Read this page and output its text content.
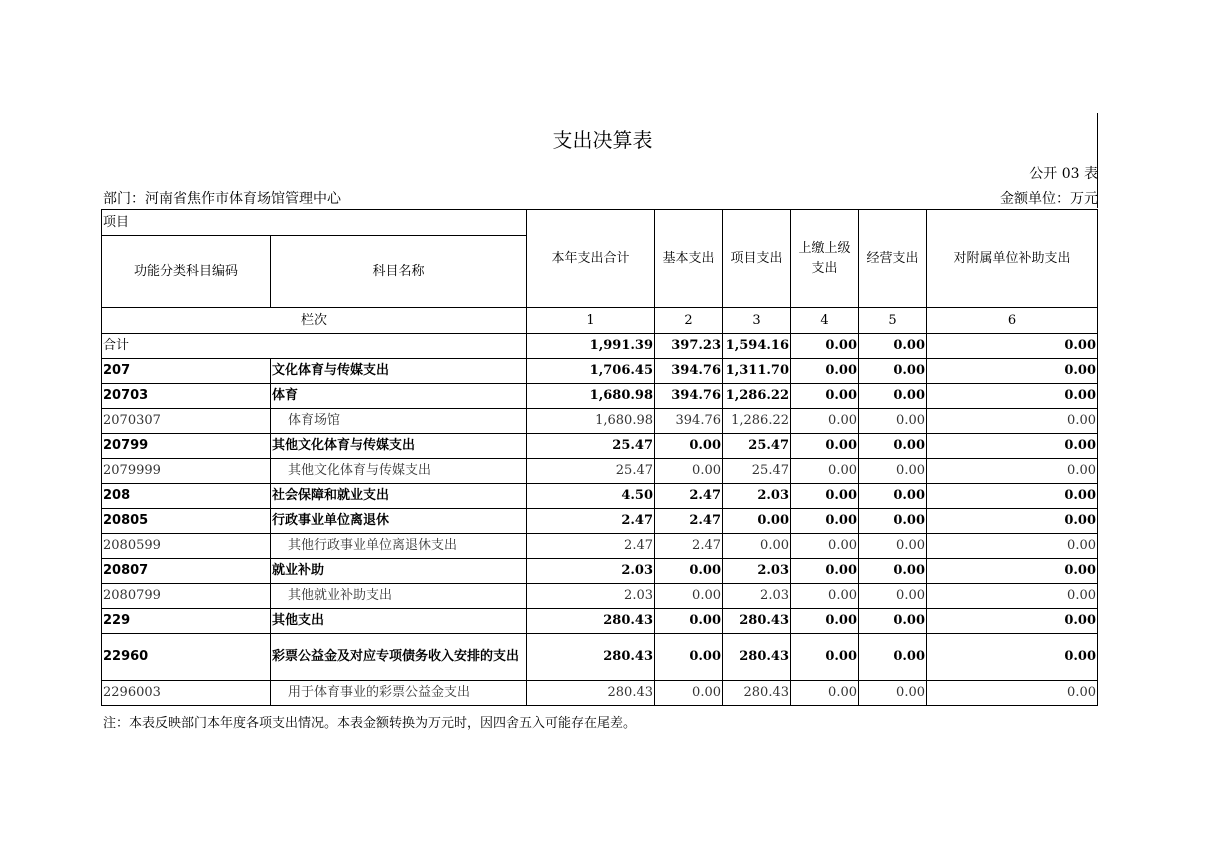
支出决算表
公开 03 表
部门：河南省焦作市体育场馆管理中心	金额单位：万元
项目		本年支出合计	基本支出	项目支出	上缴上级支出	经营支出	对附属单位补助支出
功能分类科目编码	科目名称						
栏次		1	2	3	4	5	6
合计		1,991.39	397.23	1,594.16	0.00	0.00	0.00
207	文化体育与传媒支出	1,706.45	394.76	1,311.70	0.00	0.00	0.00
20703	体育	1,680.98	394.76	1,286.22	0.00	0.00	0.00
2070307	体育场馆	1,680.98	394.76	1,286.22	0.00	0.00	0.00
20799	其他文化体育与传媒支出	25.47	0.00	25.47	0.00	0.00	0.00
2079999	其他文化体育与传媒支出	25.47	0.00	25.47	0.00	0.00	0.00
208	社会保障和就业支出	4.50	2.47	2.03	0.00	0.00	0.00
20805	行政事业单位离退休	2.47	2.47	0.00	0.00	0.00	0.00
2080599	其他行政事业单位离退休支出	2.47	2.47	0.00	0.00	0.00	0.00
20807	就业补助	2.03	0.00	2.03	0.00	0.00	0.00
2080799	其他就业补助支出	2.03	0.00	2.03	0.00	0.00	0.00
229	其他支出	280.43	0.00	280.43	0.00	0.00	0.00
22960	彩票公益金及对应专项债务收入安排的支出	280.43	0.00	280.43	0.00	0.00	0.00
2296003	用于体育事业的彩票公益金支出	280.43	0.00	280.43	0.00	0.00	0.00
注：本表反映部门本年度各项支出情况。本表金额转换为万元时，因四舍五入可能存在尾差。
